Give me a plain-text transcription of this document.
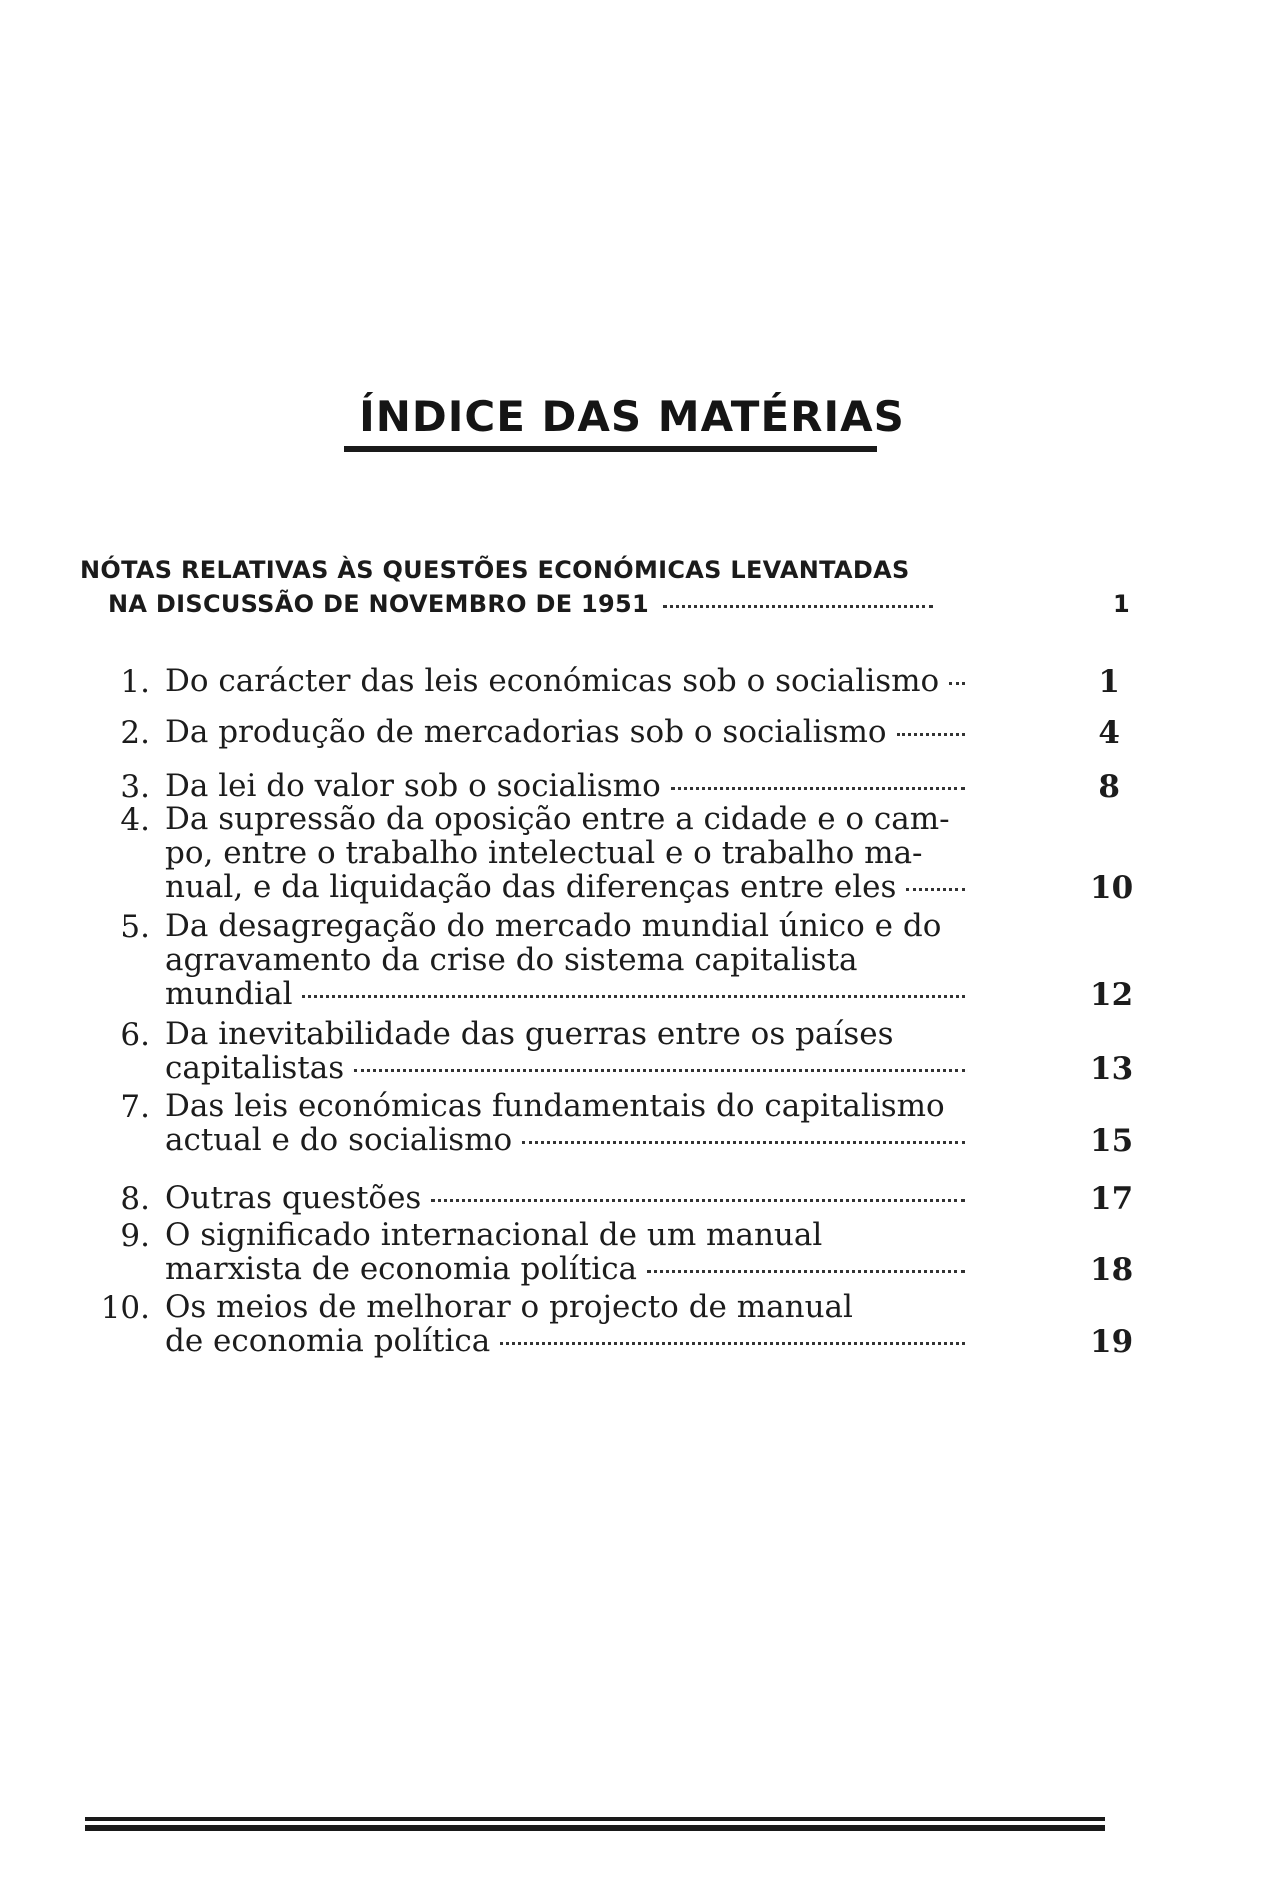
ÍNDICE DAS MATÉRIAS
NÓTAS RELATIVAS ÀS QUESTÕES ECONÓMICAS LEVANTADAS
NA DISCUSSÃO DE NOVEMBRO DE 1951	1
1. Do carácter das leis económicas sob o socialismo	1
2. Da produção de mercadorias sob o socialismo	4
3. Da lei do valor sob o socialismo	8
4. Da supressão da oposição entre a cidade e o cam-
po, entre o trabalho intelectual e o trabalho ma-
nual, e da liquidação das diferenças entre eles	10
5. Da desagregação do mercado mundial único e do
agravamento da crise do sistema capitalista
mundial	12
6. Da inevitabilidade das guerras entre os países
capitalistas	13
7. Das leis económicas fundamentais do capitalismo
actual e do socialismo	15
8. Outras questões	17
9. O significado internacional de um manual
marxista de economia política	18
10. Os meios de melhorar o projecto de manual
de economia política	19
